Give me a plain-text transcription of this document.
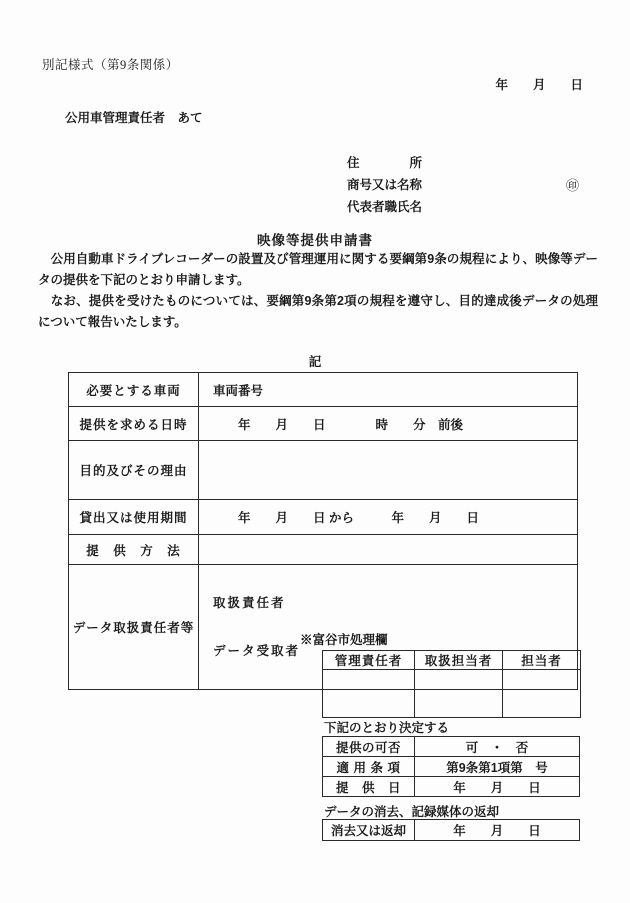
別記様式（第9条関係）
年　　月　　日
公用車管理責任者　あて
住　　　　所
商号又は名称
代表者職氏名
㊞
映像等提供申請書

　公用自動車ドライブレコーダーの設置及び管理運用に関する要綱第9条の規程により、映像等データの提供を下記のとおり申請します。

　なお、提供を受けたものについては、要綱第9条第2項の規程を遵守し、目的達成後データの処理について報告いたします。

記
必要とする車両	車両番号
提供を求める日時	　　年　　月　　日　　　　時　　分　前後
目的及びその理由	
貸出又は使用期間	　　年　　月　　日 から　　　年　　月　　日
提　供　方　法	
データ取扱責任者等	取扱責任者

データ受取者

※富谷市処理欄
管理責任者	取扱担当者	担当者

下記のとおり決定する
提供の可否	可　・　否
適 用 条 項	第9条第1項第　号
提　供　日	年　　月　　日
データの消去、記録媒体の返却
消去又は返却	年　　月　　日
